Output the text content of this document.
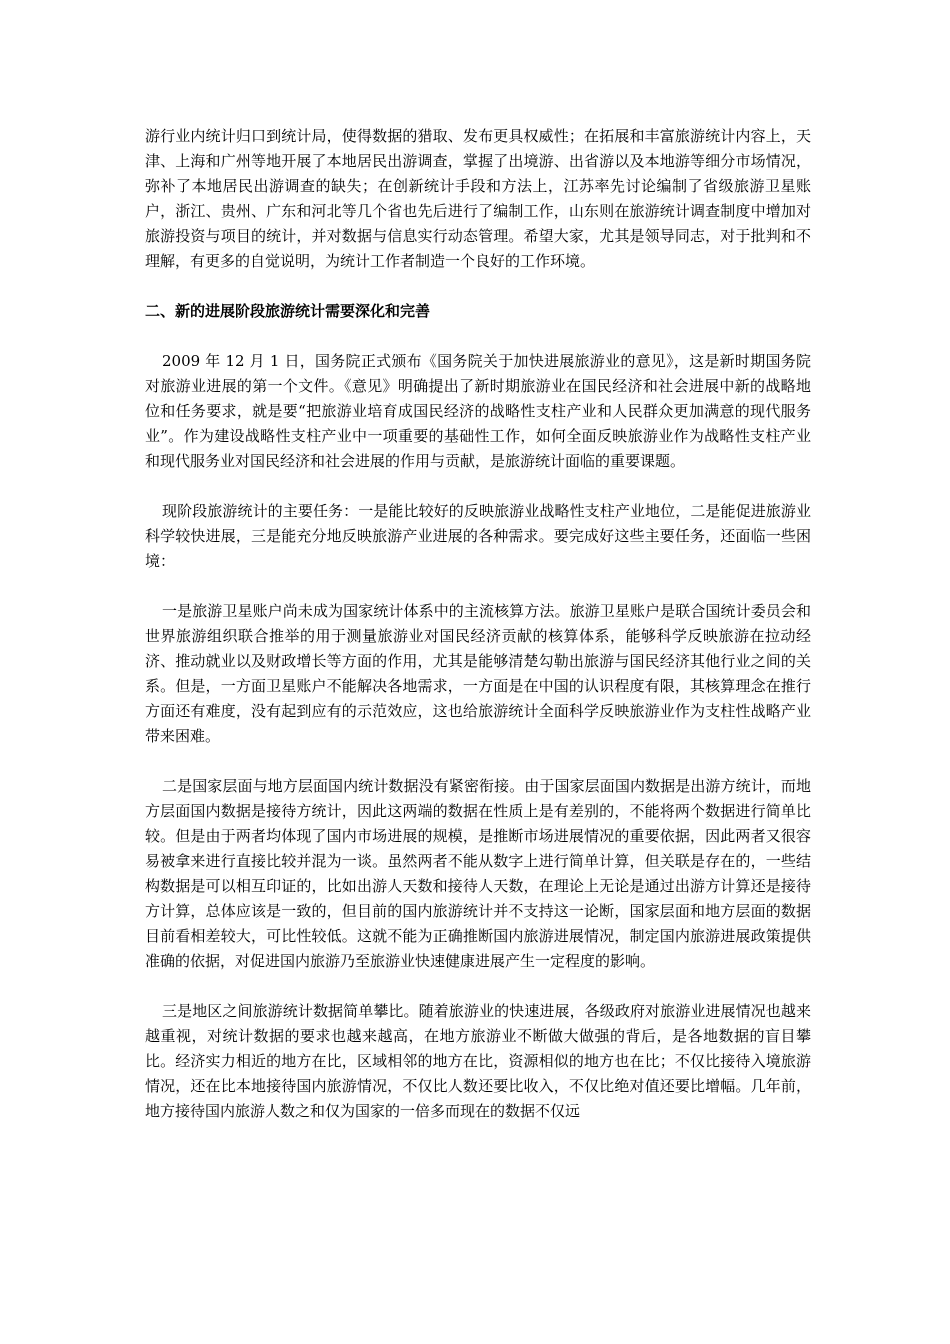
游行业内统计归口到统计局，使得数据的猎取、发布更具权威性；在拓展和丰富旅游统计内容上，天津、上海和广州等地开展了本地居民出游调查，掌握了出境游、出省游以及本地游等细分市场情况，弥补了本地居民出游调查的缺失；在创新统计手段和方法上，江苏率先讨论编制了省级旅游卫星账户，浙江、贵州、广东和河北等几个省也先后进行了编制工作，山东则在旅游统计调查制度中增加对旅游投资与项目的统计，并对数据与信息实行动态管理。希望大家，尤其是领导同志，对于批判和不理解，有更多的自觉说明，为统计工作者制造一个良好的工作环境。

二、新的进展阶段旅游统计需要深化和完善

2009 年 12 月 1 日，国务院正式颁布《国务院关于加快进展旅游业的意见》，这是新时期国务院对旅游业进展的第一个文件。《意见》明确提出了新时期旅游业在国民经济和社会进展中新的战略地位和任务要求，就是要“把旅游业培育成国民经济的战略性支柱产业和人民群众更加满意的现代服务业”。作为建设战略性支柱产业中一项重要的基础性工作，如何全面反映旅游业作为战略性支柱产业和现代服务业对国民经济和社会进展的作用与贡献，是旅游统计面临的重要课题。

现阶段旅游统计的主要任务：一是能比较好的反映旅游业战略性支柱产业地位，二是能促进旅游业科学较快进展，三是能充分地反映旅游产业进展的各种需求。要完成好这些主要任务，还面临一些困境：

一是旅游卫星账户尚未成为国家统计体系中的主流核算方法。旅游卫星账户是联合国统计委员会和世界旅游组织联合推举的用于测量旅游业对国民经济贡献的核算体系，能够科学反映旅游在拉动经济、推动就业以及财政增长等方面的作用，尤其是能够清楚勾勒出旅游与国民经济其他行业之间的关系。但是，一方面卫星账户不能解决各地需求，一方面是在中国的认识程度有限，其核算理念在推行方面还有难度，没有起到应有的示范效应，这也给旅游统计全面科学反映旅游业作为支柱性战略产业带来困难。

二是国家层面与地方层面国内统计数据没有紧密衔接。由于国家层面国内数据是出游方统计，而地方层面国内数据是接待方统计，因此这两端的数据在性质上是有差别的，不能将两个数据进行简单比较。但是由于两者均体现了国内市场进展的规模，是推断市场进展情况的重要依据，因此两者又很容易被拿来进行直接比较并混为一谈。虽然两者不能从数字上进行简单计算，但关联是存在的，一些结构数据是可以相互印证的，比如出游人天数和接待人天数，在理论上无论是通过出游方计算还是接待方计算，总体应该是一致的，但目前的国内旅游统计并不支持这一论断，国家层面和地方层面的数据目前看相差较大，可比性较低。这就不能为正确推断国内旅游进展情况，制定国内旅游进展政策提供准确的依据，对促进国内旅游乃至旅游业快速健康进展产生一定程度的影响。

三是地区之间旅游统计数据简单攀比。随着旅游业的快速进展，各级政府对旅游业进展情况也越来越重视，对统计数据的要求也越来越高，在地方旅游业不断做大做强的背后，是各地数据的盲目攀比。经济实力相近的地方在比，区域相邻的地方在比，资源相似的地方也在比；不仅比接待入境旅游情况，还在比本地接待国内旅游情况，不仅比人数还要比收入，不仅比绝对值还要比增幅。几年前，地方接待国内旅游人数之和仅为国家的一倍多而现在的数据不仅远
